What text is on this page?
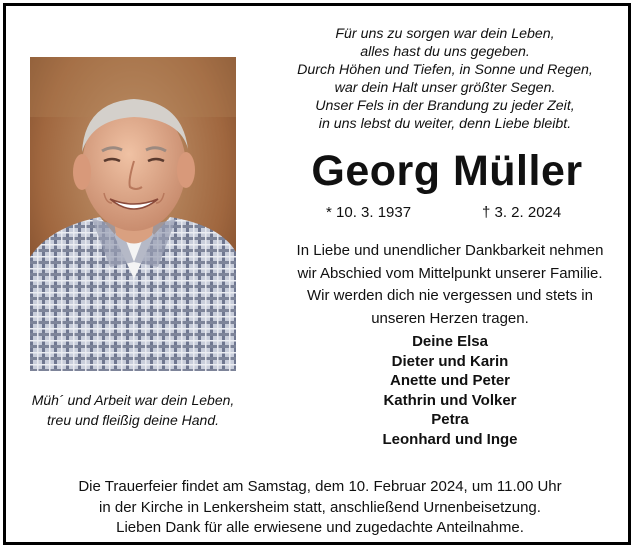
Müh´ und Arbeit war dein Leben,
treu und fleißig deine Hand.
Für uns zu sorgen war dein Leben,
alles hast du uns gegeben.
Durch Höhen und Tiefen, in Sonne und Regen,
war dein Halt unser größter Segen.
Unser Fels in der Brandung zu jeder Zeit,
in uns lebst du weiter, denn Liebe bleibt.
Georg Müller
* 10. 3. 1937	† 3. 2. 2024
In Liebe und unendlicher Dankbarkeit nehmen
wir Abschied vom Mittelpunkt unserer Familie.
Wir werden dich nie vergessen und stets in
unseren Herzen tragen.
Deine Elsa
Dieter und Karin
Anette und Peter
Kathrin und Volker
Petra
Leonhard und Inge
Die Trauerfeier findet am Samstag, dem 10. Februar 2024, um 11.00 Uhr
in der Kirche in Lenkersheim statt, anschließend Urnenbeisetzung.
Lieben Dank für alle erwiesene und zugedachte Anteilnahme.
